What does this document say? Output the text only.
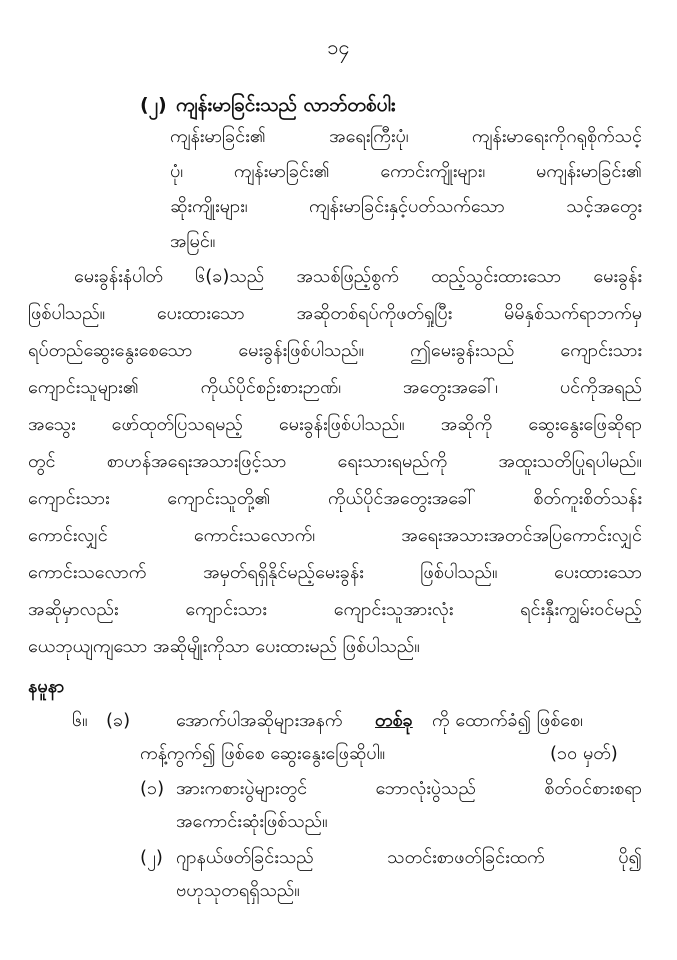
၁၄
(၂) ကျန်းမာခြင်းသည် လာဘ်တစ်ပါး
ကျန်းမာခြင်း၏ အရေးကြီးပုံ၊ ကျန်းမာရေးကိုဂရုစိုက်သင့်
ပုံ၊ ကျန်းမာခြင်း၏ ကောင်းကျိုးများ၊ မကျန်းမာခြင်း၏
ဆိုးကျိုးများ၊ ကျန်းမာခြင်းနှင့်ပတ်သက်သော သင့်အတွေး
အမြင်။
မေးခွန်းနံပါတ် ၆(ခ)သည် အသစ်ဖြည့်စွက် ထည့်သွင်းထားသော မေးခွန်း
ဖြစ်ပါသည်။ ပေးထားသော အဆိုတစ်ရပ်ကိုဖတ်ရှုပြီး မိမိနှစ်သက်ရာဘက်မှ
ရပ်တည်ဆွေးနွေးစေသော မေးခွန်းဖြစ်ပါသည်။ ဤမေးခွန်းသည် ကျောင်းသား
ကျောင်းသူများ၏ ကိုယ်ပိုင်စဉ်းစားဉာဏ်၊ အတွေးအခေါ်၊ ပင်ကိုအရည်
အသွေး ဖော်ထုတ်ပြသရမည့် မေးခွန်းဖြစ်ပါသည်။ အဆိုကို ဆွေးနွေးဖြေဆိုရာ
တွင် စာဟန်အရေးအသားဖြင့်သာ ရေးသားရမည်ကို အထူးသတိပြုရပါမည်။
ကျောင်းသား ကျောင်းသူတို့၏ ကိုယ်ပိုင်အတွေးအခေါ် စိတ်ကူးစိတ်သန်း
ကောင်းလျှင် ကောင်းသလောက်၊ အရေးအသားအတင်အပြကောင်းလျှင်
ကောင်းသလောက် အမှတ်ရရှိနိုင်မည့်မေးခွန်း ဖြစ်ပါသည်။ ပေးထားသော
အဆိုမှာလည်း ကျောင်းသား ကျောင်းသူအားလုံး ရင်းနှီးကျွမ်းဝင်မည့်
ယေဘုယျကျသော အဆိုမျိုးကိုသာ ပေးထားမည် ဖြစ်ပါသည်။
နမူနာ
၆။ (ခ)	အောက်ပါအဆိုများအနက် တစ်ခု ကို ထောက်ခံ၍ ဖြစ်စေ၊
ကန့်ကွက်၍ ဖြစ်စေ ဆွေးနွေးဖြေဆိုပါ။	(၁၀ မှတ်)
(၁) အားကစားပွဲများတွင် ဘောလုံးပွဲသည် စိတ်ဝင်စားစရာ
အကောင်းဆုံးဖြစ်သည်။
(၂) ဂျာနယ်ဖတ်ခြင်းသည် သတင်းစာဖတ်ခြင်းထက် ပို၍
ဗဟုသုတရရှိသည်။
